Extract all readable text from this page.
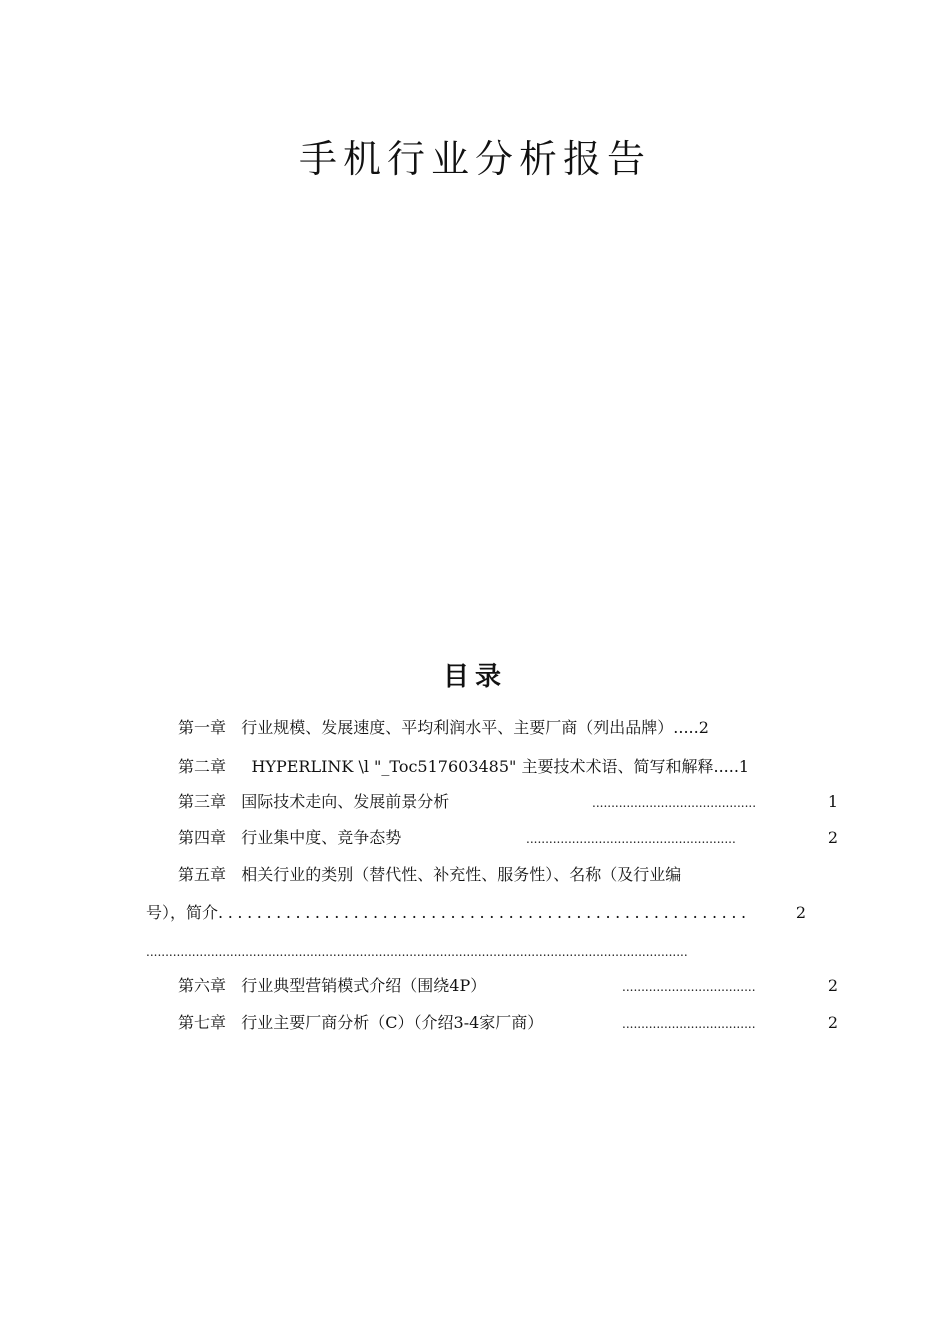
手机行业分析报告
目录
第一章 行业规模、发展速度、平均利润水平、主要厂商（列出品牌）.....2
第二章     HYPERLINK \l "_Toc517603485" 主要技术术语、简写和解释.....1
第三章 国际技术走向、发展前景分析	...........................................	1
第四章 行业集中度、竞争态势	.......................................................	2
第五章 相关行业的类别（替代性、补充性、服务性）、名称（及行业编
号），简介.......................................................	2
..............................................................................................................................................
第六章 行业典型营销模式介绍（围绕4P）	...................................	2
第七章 行业主要厂商分析（C）（介绍3-4家厂商）	...................................	2
